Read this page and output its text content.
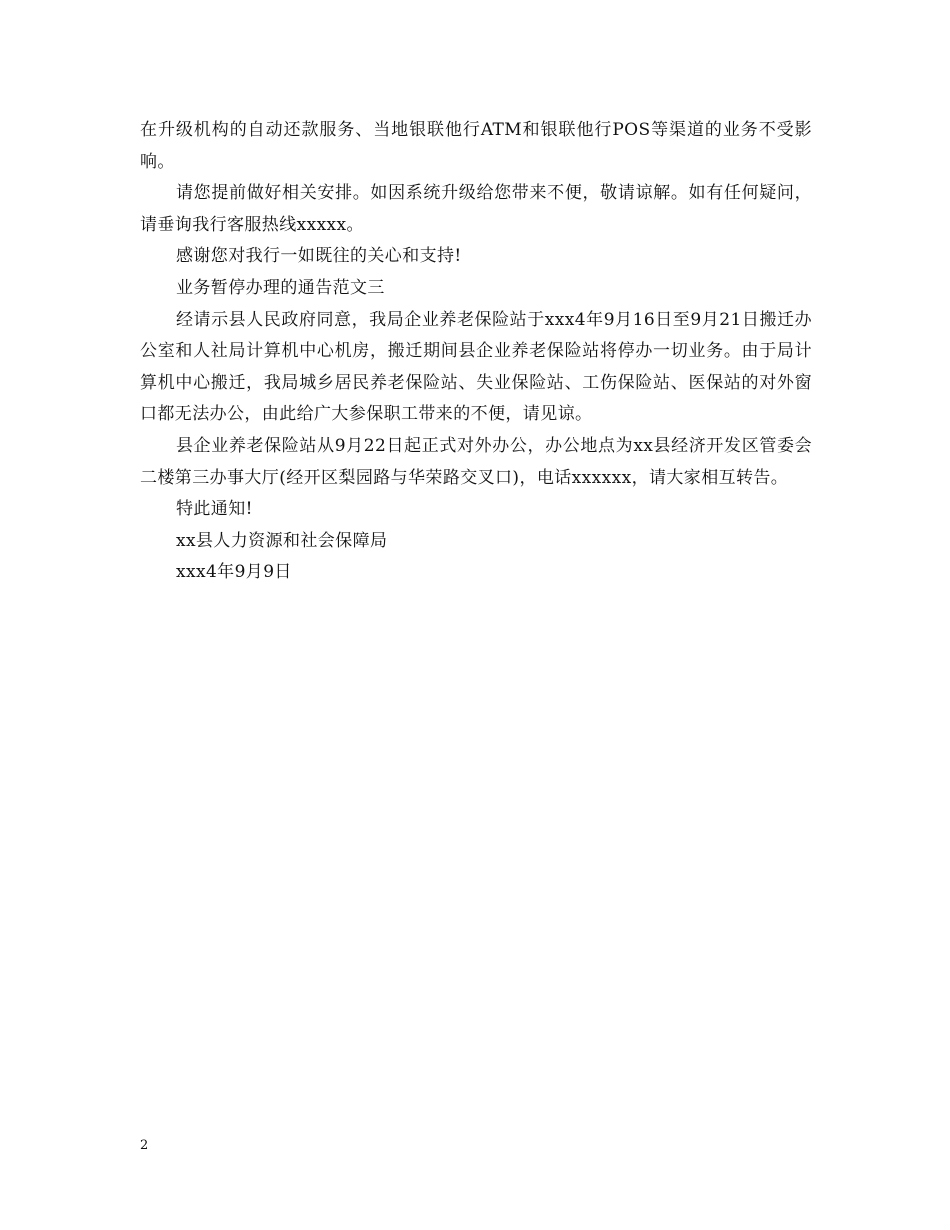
在升级机构的自动还款服务、当地银联他行ATM和银联他行POS等渠道的业务不受影响。

请您提前做好相关安排。如因系统升级给您带来不便，敬请谅解。如有任何疑问，请垂询我行客服热线xxxxx。

感谢您对我行一如既往的关心和支持!

业务暂停办理的通告范文三

经请示县人民政府同意，我局企业养老保险站于xxx4年9月16日至9月21日搬迁办公室和人社局计算机中心机房，搬迁期间县企业养老保险站将停办一切业务。由于局计算机中心搬迁，我局城乡居民养老保险站、失业保险站、工伤保险站、医保站的对外窗口都无法办公，由此给广大参保职工带来的不便，请见谅。

县企业养老保险站从9月22日起正式对外办公，办公地点为xx县经济开发区管委会二楼第三办事大厅(经开区梨园路与华荣路交叉口)，电话xxxxxx，请大家相互转告。

特此通知!

xx县人力资源和社会保障局

xxx4年9月9日

2
